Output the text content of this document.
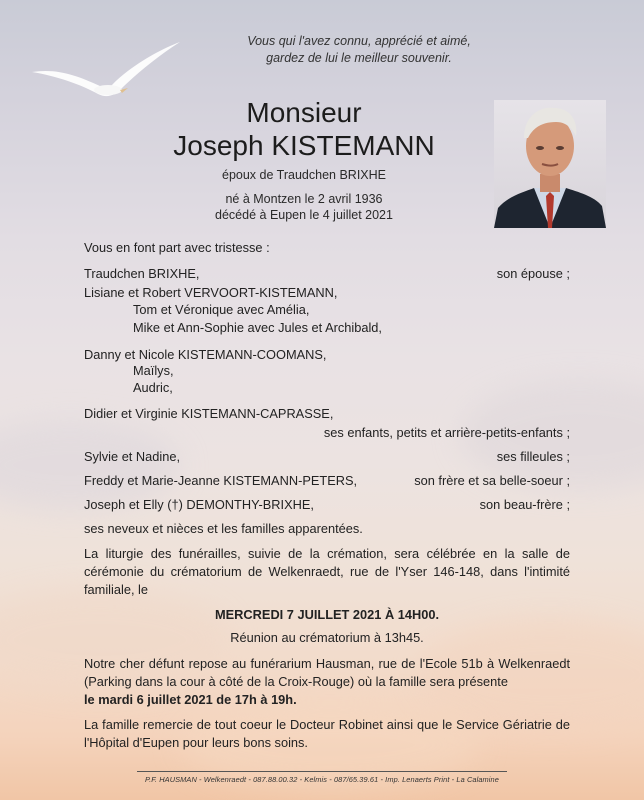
Vous qui l'avez connu, apprécié et aimé,
gardez de lui le meilleur souvenir.
Monsieur
Joseph KISTEMANN
époux de Traudchen BRIXHE
né à Montzen le 2 avril 1936
décédé à Eupen le 4 juillet 2021
Vous en font part avec tristesse :
Traudchen BRIXHE,	son épouse ;
Lisiane et Robert VERVOORT-KISTEMANN,
Tom et Véronique avec Amélia,
Mike et Ann-Sophie avec Jules et Archibald,
Danny et Nicole KISTEMANN-COOMANS,
Maïlys,
Audric,
Didier et Virginie KISTEMANN-CAPRASSE,
ses enfants, petits et arrière-petits-enfants ;
Sylvie et Nadine,	ses filleules ;
Freddy et Marie-Jeanne KISTEMANN-PETERS,	son frère et sa belle-soeur ;
Joseph et Elly (†) DEMONTHY-BRIXHE,	son beau-frère ;
ses neveux et nièces et les familles apparentées.
La liturgie des funérailles, suivie de la crémation, sera célébrée en la salle de cérémonie du crématorium de Welkenraedt, rue de l'Yser 146-148, dans l'intimité familiale, le
MERCREDI 7 JUILLET 2021 À 14H00.
Réunion au crématorium à 13h45.
Notre cher défunt repose au funérarium Hausman, rue de l'Ecole 51b à Welkenraedt (Parking dans la cour à côté de la Croix-Rouge) où la famille sera présente
le mardi 6 juillet 2021 de 17h à 19h.
La famille remercie de tout coeur le Docteur Robinet ainsi que le Service Gériatrie de l'Hôpital d'Eupen pour leurs bons soins.
P.F. HAUSMAN - Welkenraedt - 087.88.00.32 - Kelmis - 087/65.39.61 - Imp. Lenaerts Print - La Calamine
